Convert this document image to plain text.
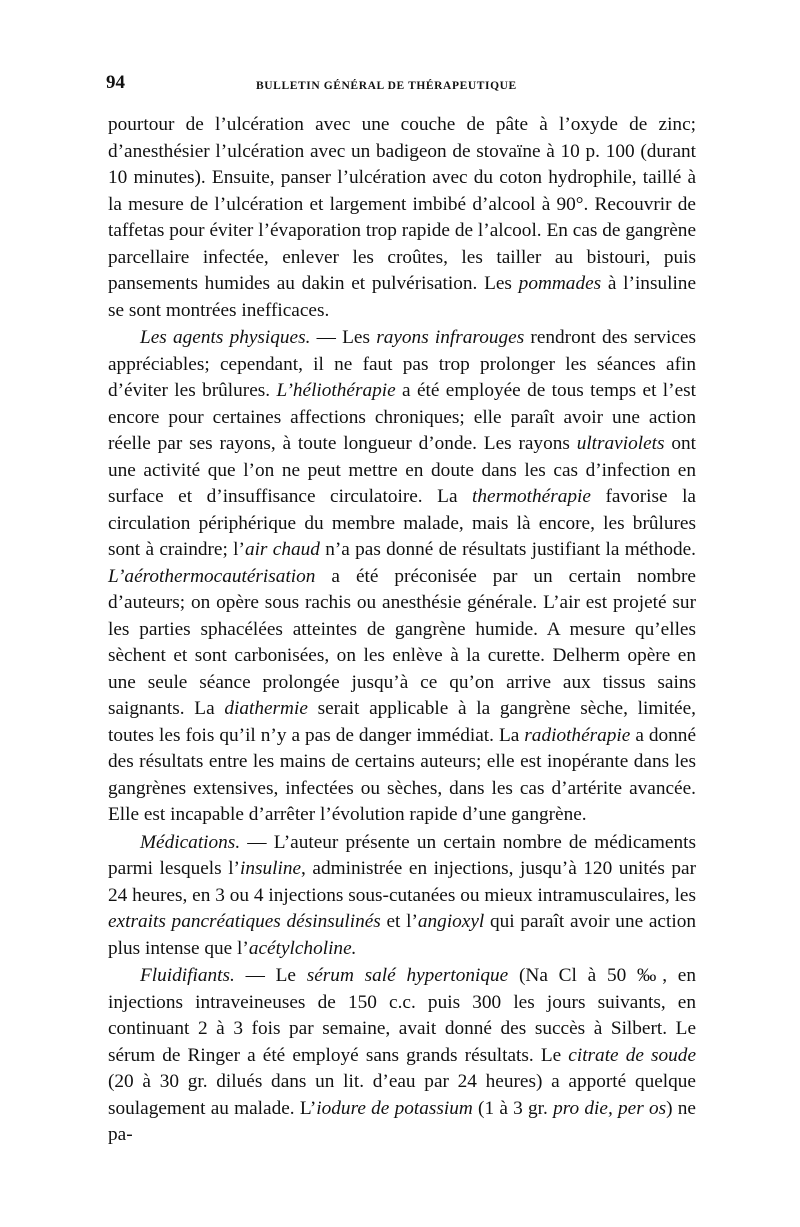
94	BULLETIN GÉNÉRAL DE THÉRAPEUTIQUE

pourtour de l’ulcération avec une couche de pâte à l’oxyde de zinc; d’anesthésier l’ulcération avec un badigeon de stovaïne à 10 p. 100 (durant 10 minutes). Ensuite, panser l’ulcération avec du coton hydrophile, taillé à la mesure de l’ulcération et largement imbibé d’alcool à 90°. Recouvrir de taffetas pour éviter l’évaporation trop rapide de l’alcool. En cas de gangrène parcellaire infectée, enlever les croûtes, les tailler au bistouri, puis pansements humides au dakin et pulvérisation. Les pommades à l’insuline se sont montrées inefficaces.

Les agents physiques. — Les rayons infrarouges rendront des services appréciables; cependant, il ne faut pas trop prolonger les séances afin d’éviter les brûlures. L’héliothérapie a été employée de tous temps et l’est encore pour certaines affections chroniques; elle paraît avoir une action réelle par ses rayons, à toute longueur d’onde. Les rayons ultraviolets ont une activité que l’on ne peut mettre en doute dans les cas d’infection en surface et d’insuffisance circulatoire. La thermothérapie favorise la circulation périphérique du membre malade, mais là encore, les brûlures sont à craindre; l’air chaud n’a pas donné de résultats justifiant la méthode. L’aérothermocautérisation a été préconisée par un certain nombre d’auteurs; on opère sous rachis ou anesthésie générale. L’air est projeté sur les parties sphacélées atteintes de gangrène humide. A mesure qu’elles sèchent et sont carbonisées, on les enlève à la curette. Delherm opère en une seule séance prolongée jusqu’à ce qu’on arrive aux tissus sains saignants. La diathermie serait applicable à la gangrène sèche, limitée, toutes les fois qu’il n’y a pas de danger immédiat. La radiothérapie a donné des résultats entre les mains de certains auteurs; elle est inopérante dans les gangrènes extensives, infectées ou sèches, dans les cas d’artérite avancée. Elle est incapable d’arrêter l’évolution rapide d’une gangrène.

Médications. — L’auteur présente un certain nombre de médicaments parmi lesquels l’insuline, administrée en injections, jusqu’à 120 unités par 24 heures, en 3 ou 4 injections sous-cutanées ou mieux intramusculaires, les extraits pancréatiques désinsulinés et l’angioxyl qui paraît avoir une action plus intense que l’acétylcholine.

Fluidifiants. — Le sérum salé hypertonique (Na Cl à 50 ‰, en injections intraveineuses de 150 c.c. puis 300 les jours suivants, en continuant 2 à 3 fois par semaine, avait donné des succès à Silbert. Le sérum de Ringer a été employé sans grands résultats. Le citrate de soude (20 à 30 gr. dilués dans un lit. d’eau par 24 heures) a apporté quelque soulagement au malade. L’iodure de potassium (1 à 3 gr. pro die, per os) ne pa-
